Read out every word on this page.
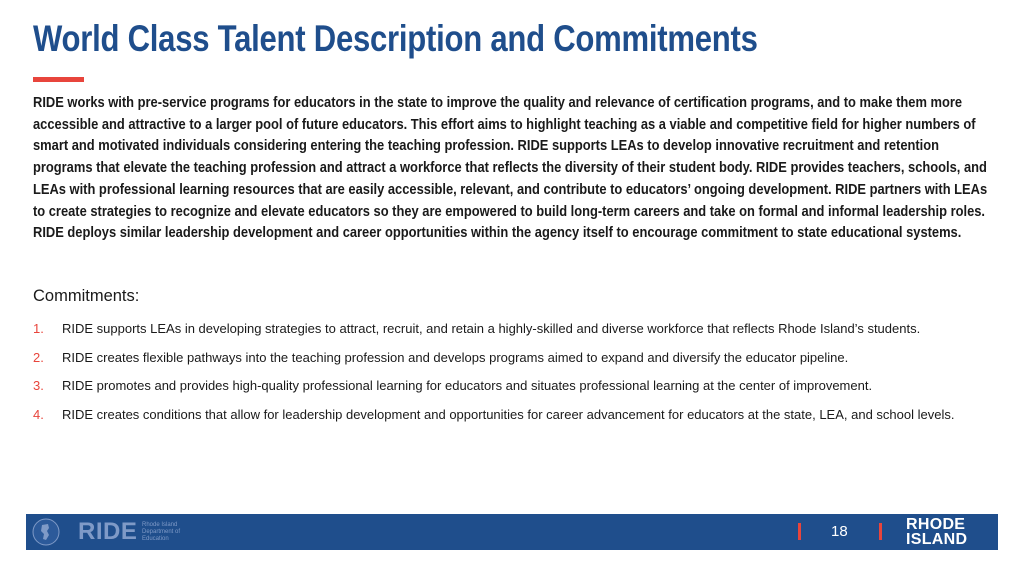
World Class Talent Description and Commitments

RIDE works with pre-service programs for educators in the state to improve the quality and relevance of certification programs, and to make them more accessible and attractive to a larger pool of future educators. This effort aims to highlight teaching as a viable and competitive field for higher numbers of smart and motivated individuals considering entering the teaching profession. RIDE supports LEAs to develop innovative recruitment and retention programs that elevate the teaching profession and attract a workforce that reflects the diversity of their student body. RIDE provides teachers, schools, and LEAs with professional learning resources that are easily accessible, relevant, and contribute to educators’ ongoing development. RIDE partners with LEAs to create strategies to recognize and elevate educators so they are empowered to build long-term careers and take on formal and informal leadership roles. RIDE deploys similar leadership development and career opportunities within the agency itself to encourage commitment to state educational systems.

Commitments:
1.	RIDE supports LEAs in developing strategies to attract, recruit, and retain a highly-skilled and diverse workforce that reflects Rhode Island’s students.
2.	RIDE creates flexible pathways into the teaching profession and develops programs aimed to expand and diversify the educator pipeline.
3.	RIDE promotes and provides high-quality professional learning for educators and situates professional learning at the center of improvement.
4.	RIDE creates conditions that allow for leadership development and opportunities for career advancement for educators at the state, LEA, and school levels.
RIDE Rhode Island Department of Education	18	RHODE
ISLAND
